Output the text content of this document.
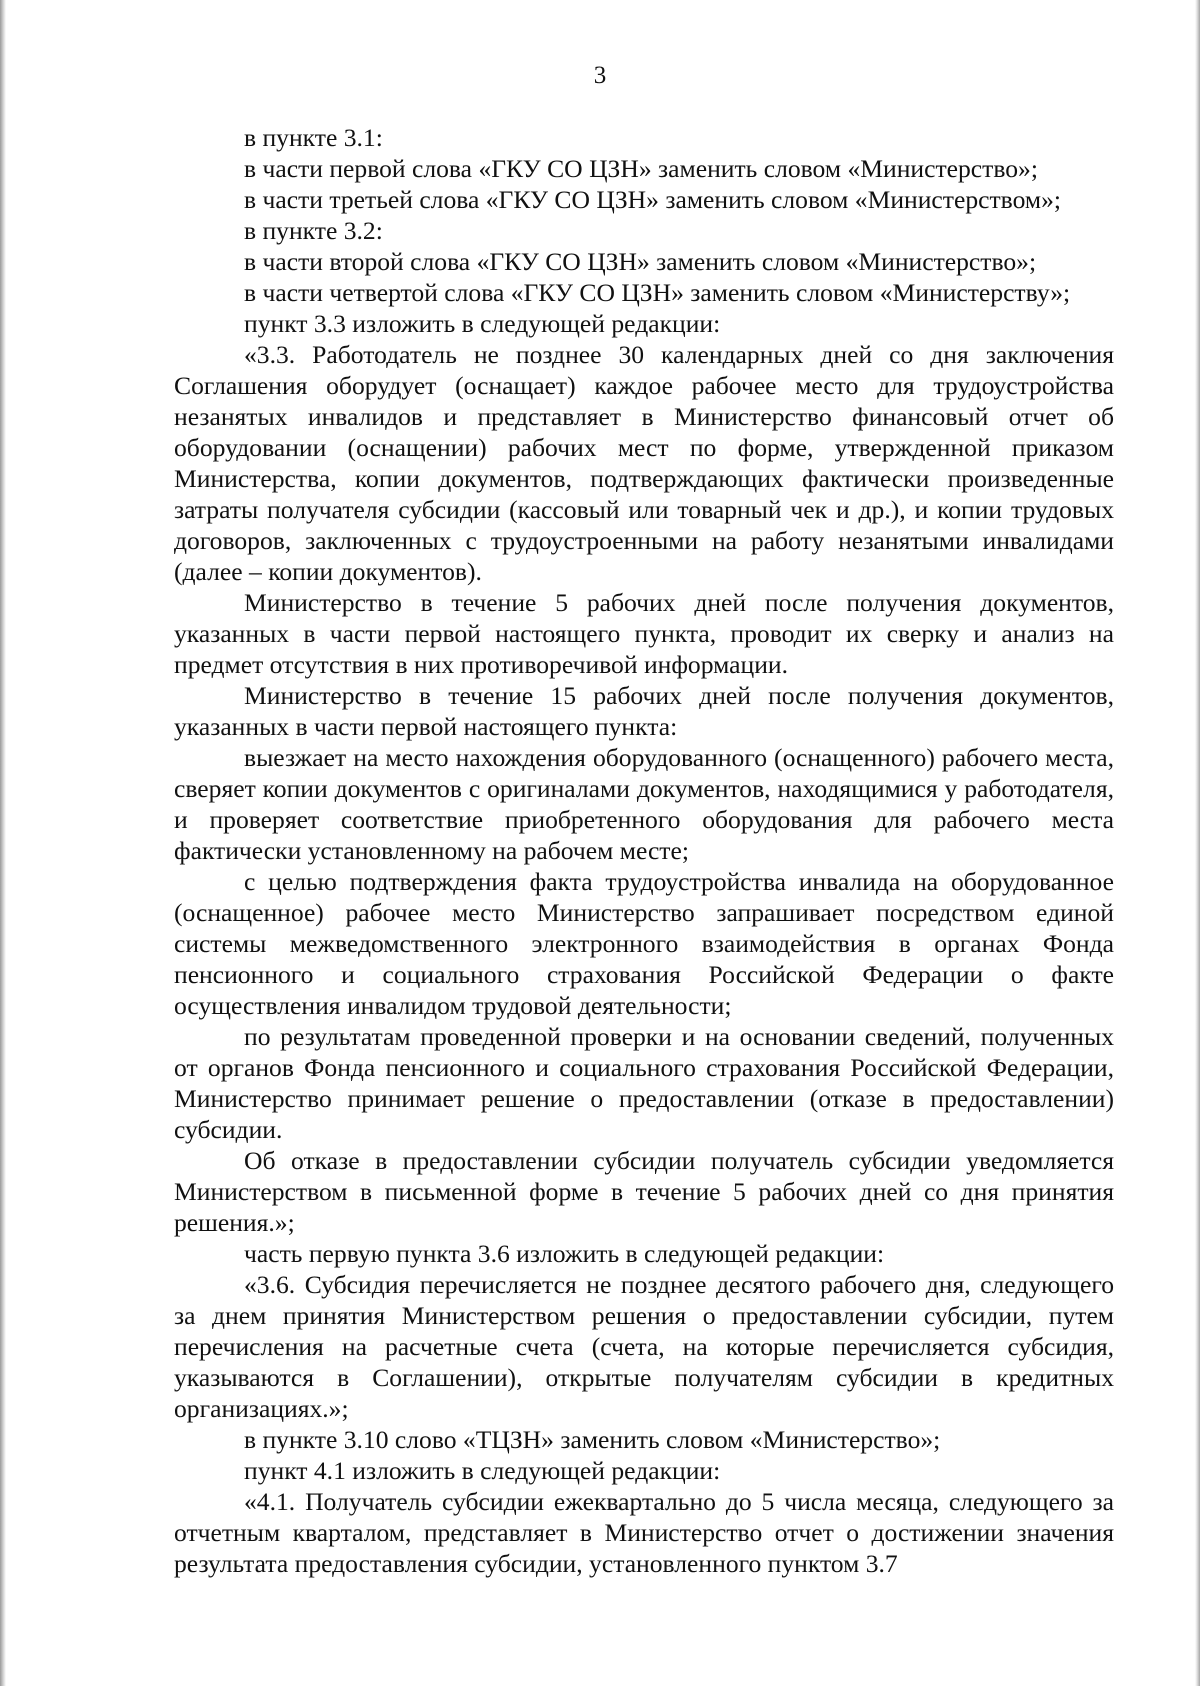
3

в пункте 3.1:

в части первой слова «ГКУ СО ЦЗН» заменить словом «Министерство»;

в части третьей слова «ГКУ СО ЦЗН» заменить словом «Министерством»;

в пункте 3.2:

в части второй слова «ГКУ СО ЦЗН» заменить словом «Министерство»;

в части четвертой слова «ГКУ СО ЦЗН» заменить словом «Министерству»;

пункт 3.3 изложить в следующей редакции:

«3.3. Работодатель не позднее 30 календарных дней со дня заключения Соглашения оборудует (оснащает) каждое рабочее место для трудоустройства незанятых инвалидов и представляет в Министерство финансовый отчет об оборудовании (оснащении) рабочих мест по форме, утвержденной приказом Министерства, копии документов, подтверждающих фактически произведенные затраты получателя субсидии (кассовый или товарный чек и др.), и копии трудовых договоров, заключенных с трудоустроенными на работу незанятыми инвалидами (далее – копии документов).

Министерство в течение 5 рабочих дней после получения документов, указанных в части первой настоящего пункта, проводит их сверку и анализ на предмет отсутствия в них противоречивой информации.

Министерство в течение 15 рабочих дней после получения документов, указанных в части первой настоящего пункта:

выезжает на место нахождения оборудованного (оснащенного) рабочего места, сверяет копии документов с оригиналами документов, находящимися у работодателя, и проверяет соответствие приобретенного оборудования для рабочего места фактически установленному на рабочем месте;

с целью подтверждения факта трудоустройства инвалида на оборудованное (оснащенное) рабочее место Министерство запрашивает посредством единой системы межведомственного электронного взаимодействия в органах Фонда пенсионного и социального страхования Российской Федерации о факте осуществления инвалидом трудовой деятельности;

по результатам проведенной проверки и на основании сведений, полученных от органов Фонда пенсионного и социального страхования Российской Федерации, Министерство принимает решение о предоставлении (отказе в предоставлении) субсидии.

Об отказе в предоставлении субсидии получатель субсидии уведомляется Министерством в письменной форме в течение 5 рабочих дней со дня принятия решения.»;

часть первую пункта 3.6 изложить в следующей редакции:

«3.6. Субсидия перечисляется не позднее десятого рабочего дня, следующего за днем принятия Министерством решения о предоставлении субсидии, путем перечисления на расчетные счета (счета, на которые перечисляется субсидия, указываются в Соглашении), открытые получателям субсидии в кредитных организациях.»;

в пункте 3.10 слово «ТЦЗН» заменить словом «Министерство»;

пункт 4.1 изложить в следующей редакции:

«4.1. Получатель субсидии ежеквартально до 5 числа месяца, следующего за отчетным кварталом, представляет в Министерство отчет о достижении значения результата предоставления субсидии, установленного пунктом 3.7
